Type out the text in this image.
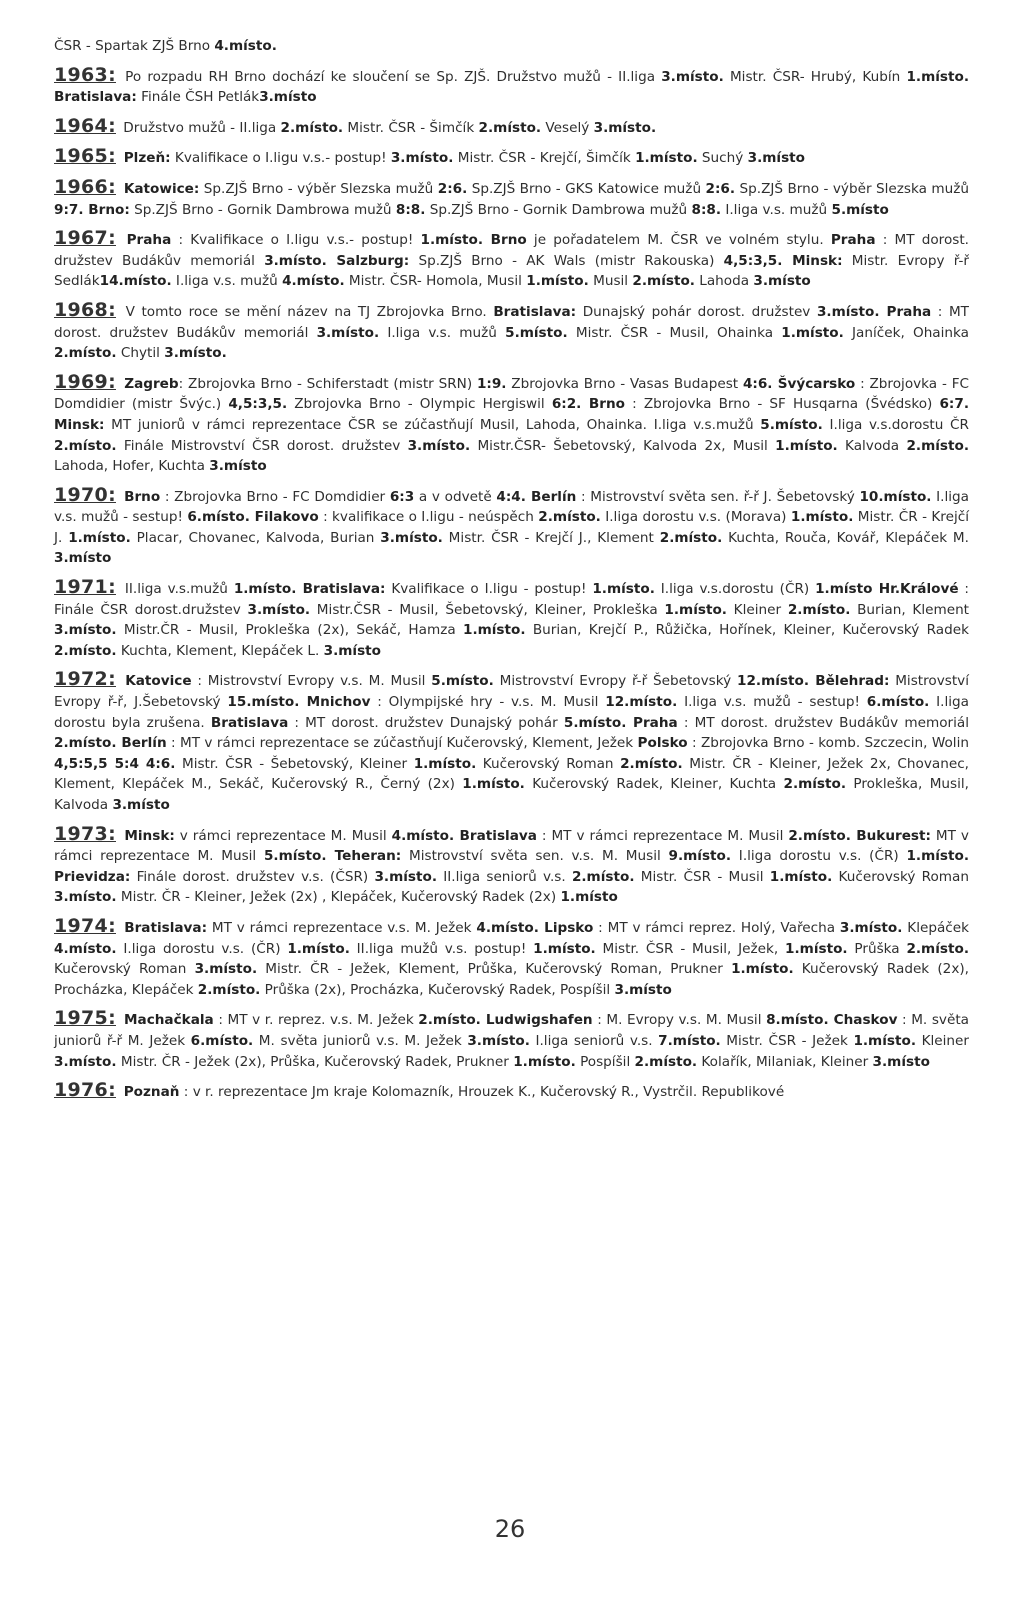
ČSR - Spartak ZJŠ Brno 4.místo.
1963: Po rozpadu RH Brno dochází ke sloučení se Sp. ZJŠ. Družstvo mužů - II.liga 3.místo. Mistr. ČSR- Hrubý, Kubín 1.místo. Bratislava: Finále ČSH Petlák3.místo
1964: Družstvo mužů - II.liga 2.místo. Mistr. ČSR - Šimčík 2.místo. Veselý 3.místo.
1965: Plzeň: Kvalifikace o I.ligu v.s.- postup! 3.místo. Mistr. ČSR - Krejčí, Šimčík 1.místo. Suchý 3.místo
1966: Katowice: Sp.ZJŠ Brno - výběr Slezska mužů 2:6. Sp.ZJŠ Brno - GKS Katowice mužů 2:6. Sp.ZJŠ Brno - výběr Slezska mužů 9:7. Brno: Sp.ZJŠ Brno - Gornik Dambrowa mužů 8:8. Sp.ZJŠ Brno - Gornik Dambrowa mužů 8:8. I.liga v.s. mužů 5.místo
1967: Praha : Kvalifikace o I.ligu v.s.- postup! 1.místo. Brno je pořadatelem M. ČSR ve volném stylu. Praha : MT dorost. družstev Budákův memoriál 3.místo. Salzburg: Sp.ZJŠ Brno - AK Wals (mistr Rakouska) 4,5:3,5. Minsk: Mistr. Evropy ř-ř Sedlák14.místo. I.liga v.s. mužů 4.místo. Mistr. ČSR- Homola, Musil 1.místo. Musil 2.místo. Lahoda 3.místo
1968: V tomto roce se mění název na TJ Zbrojovka Brno. Bratislava: Dunajský pohár dorost. družstev 3.místo. Praha : MT dorost. družstev Budákův memoriál 3.místo. I.liga v.s. mužů 5.místo. Mistr. ČSR - Musil, Ohainka 1.místo. Janíček, Ohainka 2.místo. Chytil 3.místo.
1969: Zagreb: Zbrojovka Brno - Schiferstadt (mistr SRN) 1:9. Zbrojovka Brno - Vasas Budapest 4:6. Švýcarsko : Zbrojovka - FC Domdidier (mistr Švýc.) 4,5:3,5. Zbrojovka Brno - Olympic Hergiswil 6:2. Brno : Zbrojovka Brno - SF Husqarna (Švédsko) 6:7. Minsk: MT juniorů v rámci reprezentace ČSR se zúčastňují Musil, Lahoda, Ohainka. I.liga v.s.mužů 5.místo. I.liga v.s.dorostu ČR 2.místo. Finále Mistrovství ČSR dorost. družstev 3.místo. Mistr.ČSR- Šebetovský, Kalvoda 2x, Musil 1.místo. Kalvoda 2.místo. Lahoda, Hofer, Kuchta 3.místo
1970: Brno : Zbrojovka Brno - FC Domdidier 6:3 a v odvetě 4:4. Berlín : Mistrovství světa sen. ř-ř J. Šebetovský 10.místo. I.liga v.s. mužů - sestup! 6.místo. Filakovo : kvalifikace o I.ligu - neúspěch 2.místo. I.liga dorostu v.s. (Morava) 1.místo. Mistr. ČR - Krejčí J. 1.místo. Placar, Chovanec, Kalvoda, Burian 3.místo. Mistr. ČSR - Krejčí J., Klement 2.místo. Kuchta, Rouča, Kovář, Klepáček M. 3.místo
1971: II.liga v.s.mužů 1.místo. Bratislava: Kvalifikace o I.ligu - postup! 1.místo. I.liga v.s.dorostu (ČR) 1.místo Hr.Králové : Finále ČSR dorost.družstev 3.místo. Mistr.ČSR - Musil, Šebetovský, Kleiner, Prokleška 1.místo. Kleiner 2.místo. Burian, Klement 3.místo. Mistr.ČR - Musil, Prokleška (2x), Sekáč, Hamza 1.místo. Burian, Krejčí P., Růžička, Hořínek, Kleiner, Kučerovský Radek 2.místo. Kuchta, Klement, Klepáček L. 3.místo
1972: Katovice : Mistrovství Evropy v.s. M. Musil 5.místo. Mistrovství Evropy ř-ř Šebetovský 12.místo. Bělehrad: Mistrovství Evropy ř-ř, J.Šebetovský 15.místo. Mnichov : Olympijské hry - v.s. M. Musil 12.místo. I.liga v.s. mužů - sestup! 6.místo. I.liga dorostu byla zrušena. Bratislava : MT dorost. družstev Dunajský pohár 5.místo. Praha : MT dorost. družstev Budákův memoriál 2.místo. Berlín : MT v rámci reprezentace se zúčastňují Kučerovský, Klement, Ježek Polsko : Zbrojovka Brno - komb. Szczecin, Wolin 4,5:5,5 5:4 4:6. Mistr. ČSR - Šebetovský, Kleiner 1.místo. Kučerovský Roman 2.místo. Mistr. ČR - Kleiner, Ježek 2x, Chovanec, Klement, Klepáček M., Sekáč, Kučerovský R., Černý (2x) 1.místo. Kučerovský Radek, Kleiner, Kuchta 2.místo. Prokleška, Musil, Kalvoda 3.místo
1973: Minsk: v rámci reprezentace M. Musil 4.místo. Bratislava : MT v rámci reprezentace M. Musil 2.místo. Bukurest: MT v rámci reprezentace M. Musil 5.místo. Teheran: Mistrovství světa sen. v.s. M. Musil 9.místo. I.liga dorostu v.s. (ČR) 1.místo. Prievidza: Finále dorost. družstev v.s. (ČSR) 3.místo. II.liga seniorů v.s. 2.místo. Mistr. ČSR - Musil 1.místo. Kučerovský Roman 3.místo. Mistr. ČR - Kleiner, Ježek (2x) , Klepáček, Kučerovský Radek (2x) 1.místo
1974: Bratislava: MT v rámci reprezentace v.s. M. Ježek 4.místo. Lipsko : MT v rámci reprez. Holý, Vařecha 3.místo. Klepáček 4.místo. I.liga dorostu v.s. (ČR) 1.místo. II.liga mužů v.s. postup! 1.místo. Mistr. ČSR - Musil, Ježek, 1.místo. Průška 2.místo. Kučerovský Roman 3.místo. Mistr. ČR - Ježek, Klement, Průška, Kučerovský Roman, Prukner 1.místo. Kučerovský Radek (2x), Procházka, Klepáček 2.místo. Průška (2x), Procházka, Kučerovský Radek, Pospíšil 3.místo
1975: Machačkala : MT v r. reprez. v.s. M. Ježek 2.místo. Ludwigshafen : M. Evropy v.s. M. Musil 8.místo. Chaskov : M. světa juniorů ř-ř M. Ježek 6.místo. M. světa juniorů v.s. M. Ježek 3.místo. I.liga seniorů v.s. 7.místo. Mistr. ČSR - Ježek 1.místo. Kleiner 3.místo. Mistr. ČR - Ježek (2x), Průška, Kučerovský Radek, Prukner 1.místo. Pospíšil 2.místo. Kolařík, Milaniak, Kleiner 3.místo
1976: Poznaň : v r. reprezentace Jm kraje Kolomazník, Hrouzek K., Kučerovský R., Vystrčil. Republikové
26
